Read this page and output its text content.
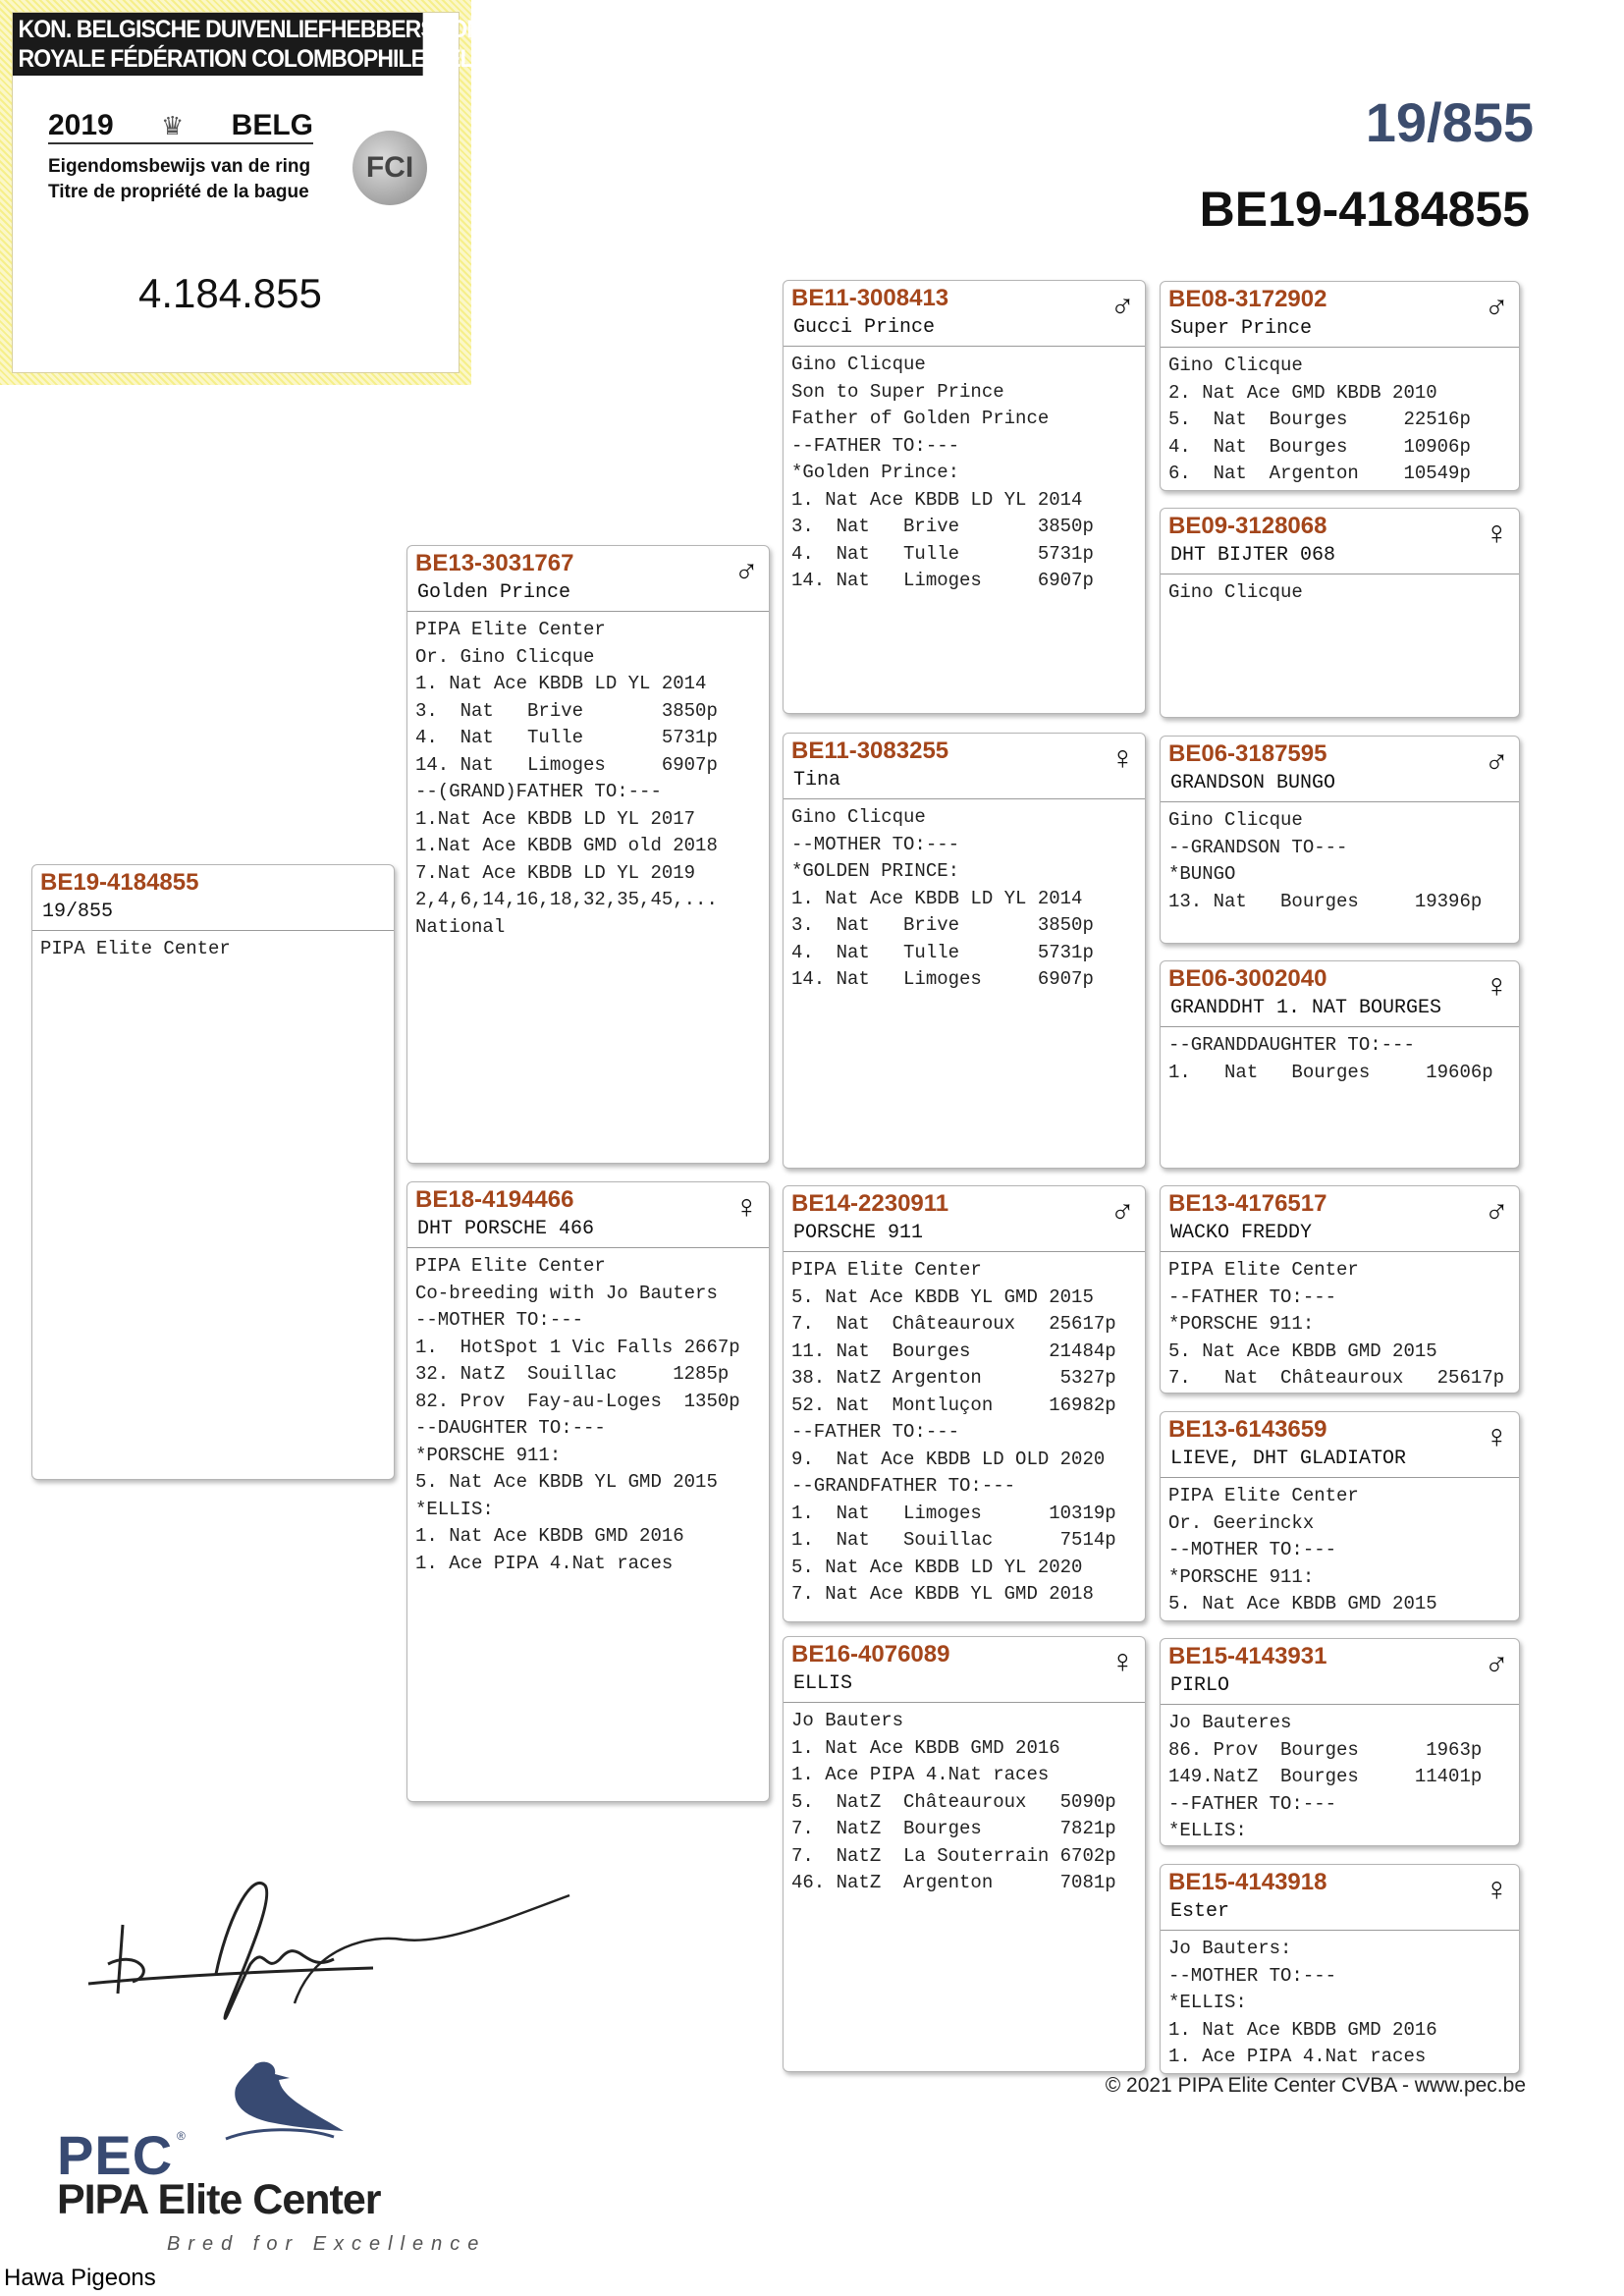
KON. BELGISCHE DUIVENLIEFHEBBERSBOND
ROYALE FÉDÉRATION COLOMBOPHILE BELGE
2019 ♛ BELG
Eigendomsbewijs van de ring
Titre de propriété de la bague
FCI
4.184.855
19/855
BE19-4184855
BE19-4184855
19/855
PIPA Elite Center
BE13-3031767
Golden Prince
♂
PIPA Elite Center
Or. Gino Clicque
1. Nat Ace KBDB LD YL 2014
3.  Nat   Brive       3850p
4.  Nat   Tulle       5731p
14. Nat   Limoges     6907p
--(GRAND)FATHER TO:---
1.Nat Ace KBDB LD YL 2017
1.Nat Ace KBDB GMD old 2018
7.Nat Ace KBDB LD YL 2019
2,4,6,14,16,18,32,35,45,...
National
BE18-4194466
DHT PORSCHE 466
♀
PIPA Elite Center
Co-breeding with Jo Bauters
--MOTHER TO:---
1.  HotSpot 1 Vic Falls 2667p
32. NatZ  Souillac     1285p
82. Prov  Fay-au-Loges  1350p
--DAUGHTER TO:---
*PORSCHE 911:
5. Nat Ace KBDB YL GMD 2015
*ELLIS:
1. Nat Ace KBDB GMD 2016
1. Ace PIPA 4.Nat races
BE11-3008413
Gucci Prince
♂
Gino Clicque
Son to Super Prince
Father of Golden Prince
--FATHER TO:---
*Golden Prince:
1. Nat Ace KBDB LD YL 2014
3.  Nat   Brive       3850p
4.  Nat   Tulle       5731p
14. Nat   Limoges     6907p
BE11-3083255
Tina
♀
Gino Clicque
--MOTHER TO:---
*GOLDEN PRINCE:
1. Nat Ace KBDB LD YL 2014
3.  Nat   Brive       3850p
4.  Nat   Tulle       5731p
14. Nat   Limoges     6907p
BE14-2230911
PORSCHE 911
♂
PIPA Elite Center
5. Nat Ace KBDB YL GMD 2015
7.  Nat  Châteauroux   25617p
11. Nat  Bourges       21484p
38. NatZ Argenton       5327p
52. Nat  Montluçon     16982p
--FATHER TO:---
9.  Nat Ace KBDB LD OLD 2020
--GRANDFATHER TO:---
1.  Nat   Limoges      10319p
1.  Nat   Souillac      7514p
5. Nat Ace KBDB LD YL 2020
7. Nat Ace KBDB YL GMD 2018
BE16-4076089
ELLIS
♀
Jo Bauters
1. Nat Ace KBDB GMD 2016
1. Ace PIPA 4.Nat races
5.  NatZ  Châteauroux   5090p
7.  NatZ  Bourges       7821p
7.  NatZ  La Souterrain 6702p
46. NatZ  Argenton      7081p
BE08-3172902
Super Prince
♂
Gino Clicque
2. Nat Ace GMD KBDB 2010
5.  Nat  Bourges     22516p
4.  Nat  Bourges     10906p
6.  Nat  Argenton    10549p
BE09-3128068
DHT BIJTER 068
♀
Gino Clicque
BE06-3187595
GRANDSON BUNGO
♂
Gino Clicque
--GRANDSON TO---
*BUNGO
13. Nat   Bourges     19396p
BE06-3002040
GRANDDHT 1. NAT BOURGES
♀
--GRANDDAUGHTER TO:---
1.   Nat   Bourges     19606p
BE13-4176517
WACKO FREDDY
♂
PIPA Elite Center
--FATHER TO:---
*PORSCHE 911:
5. Nat Ace KBDB GMD 2015
7.   Nat  Châteauroux   25617p
BE13-6143659
LIEVE, DHT GLADIATOR
♀
PIPA Elite Center
Or. Geerinckx
--MOTHER TO:---
*PORSCHE 911:
5. Nat Ace KBDB GMD 2015
BE15-4143931
PIRLO
♂
Jo Bauteres
86. Prov  Bourges      1963p
149.NatZ  Bourges     11401p
--FATHER TO:---
*ELLIS:
BE15-4143918
Ester
♀
Jo Bauters:
--MOTHER TO:---
*ELLIS:
1. Nat Ace KBDB GMD 2016
1. Ace PIPA 4.Nat races
© 2021 PIPA Elite Center CVBA - www.pec.be
PEC ®
PIPA Elite Center
Bred for Excellence
Hawa Pigeons
